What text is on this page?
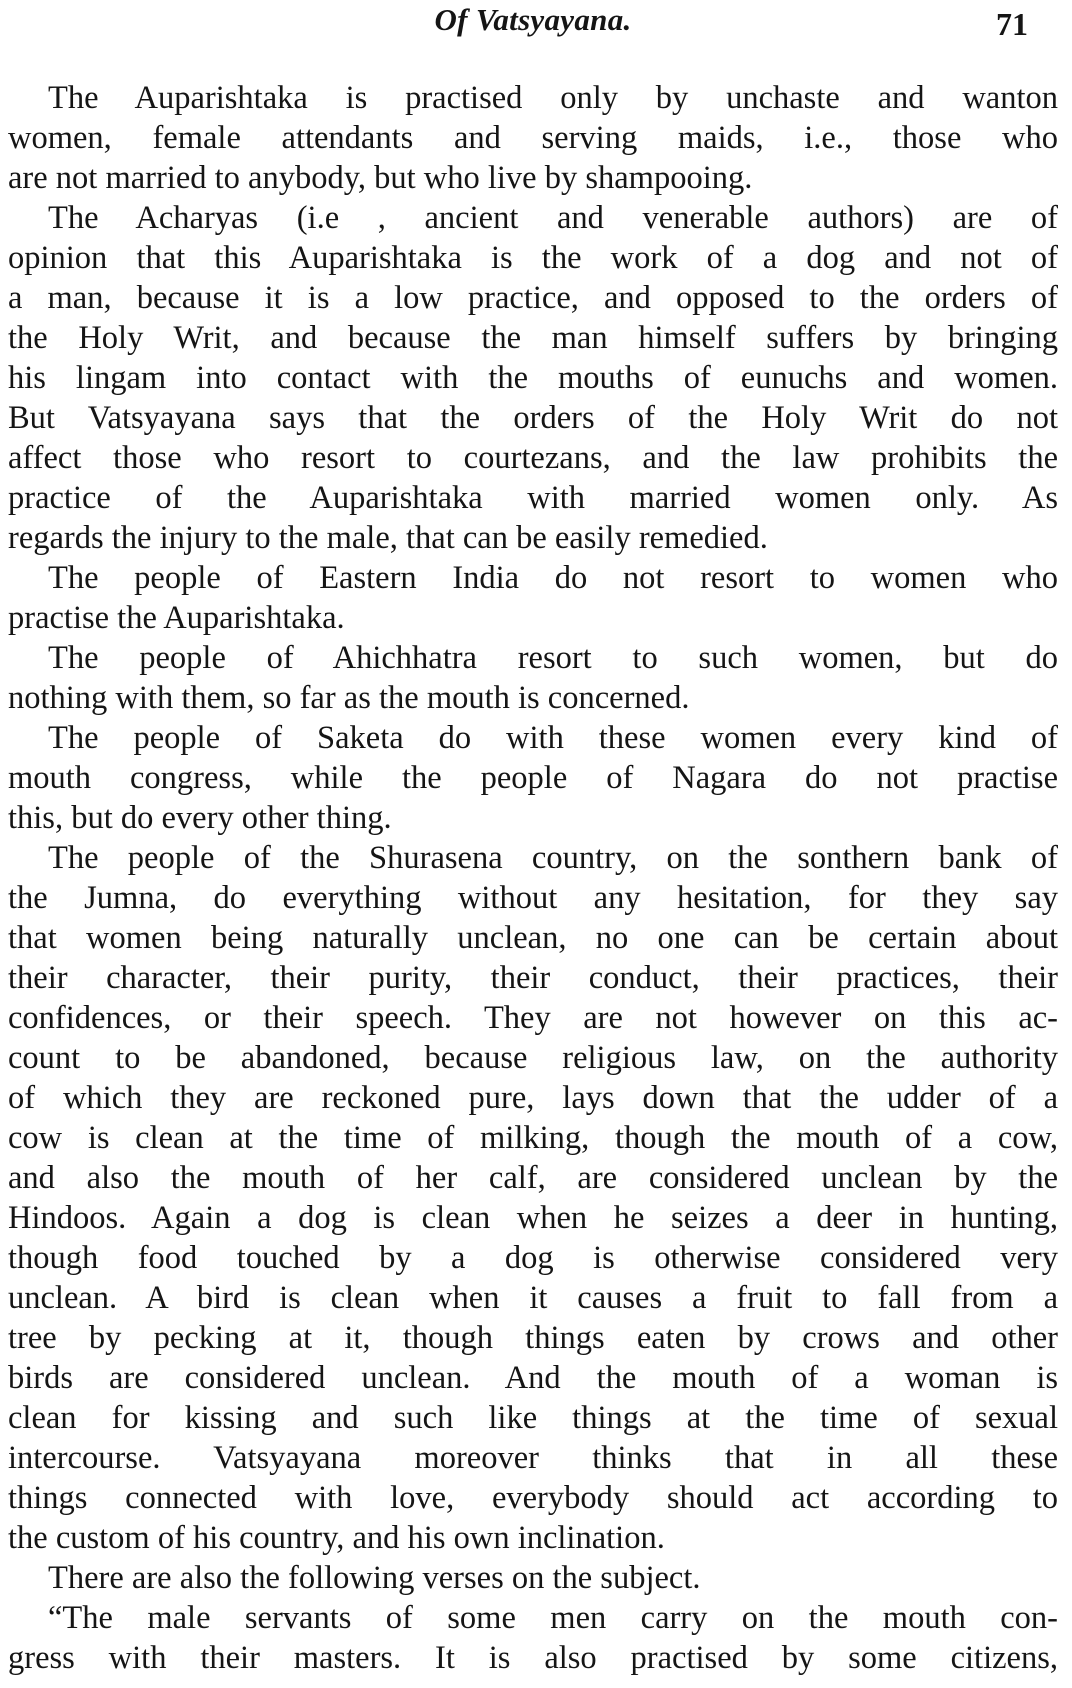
Of Vatsyayana.	71
The Auparishtaka is practised only by unchaste and wanton
women, female attendants and serving maids, i.e., those who
are not married to anybody, but who live by shampooing.
The Acharyas (i.e , ancient and venerable authors) are of
opinion that this Auparishtaka is the work of a dog and not of
a man, because it is a low practice, and opposed to the orders of
the Holy Writ, and because the man himself suffers by bringing
his lingam into contact with the mouths of eunuchs and women.
But Vatsyayana says that the orders of the Holy Writ do not
affect those who resort to courtezans, and the law prohibits the
practice of the Auparishtaka with married women only. As
regards the injury to the male, that can be easily remedied.
The people of Eastern India do not resort to women who
practise the Auparishtaka.
The people of Ahichhatra resort to such women, but do
nothing with them, so far as the mouth is concerned.
The people of Saketa do with these women every kind of
mouth congress, while the people of Nagara do not practise
this, but do every other thing.
The people of the Shurasena country, on the sonthern bank of
the Jumna, do everything without any hesitation, for they say
that women being naturally unclean, no one can be certain about
their character, their purity, their conduct, their practices, their
confidences, or their speech. They are not however on this ac-
count to be abandoned, because religious law, on the authority
of which they are reckoned pure, lays down that the udder of a
cow is clean at the time of milking, though the mouth of a cow,
and also the mouth of her calf, are considered unclean by the
Hindoos. Again a dog is clean when he seizes a deer in hunting,
though food touched by a dog is otherwise considered very
unclean. A bird is clean when it causes a fruit to fall from a
tree by pecking at it, though things eaten by crows and other
birds are considered unclean. And the mouth of a woman is
clean for kissing and such like things at the time of sexual
intercourse. Vatsyayana moreover thinks that in all these
things connected with love, everybody should act according to
the custom of his country, and his own inclination.
There are also the following verses on the subject.
“The male servants of some men carry on the mouth con-
gress with their masters. It is also practised by some citizens,
